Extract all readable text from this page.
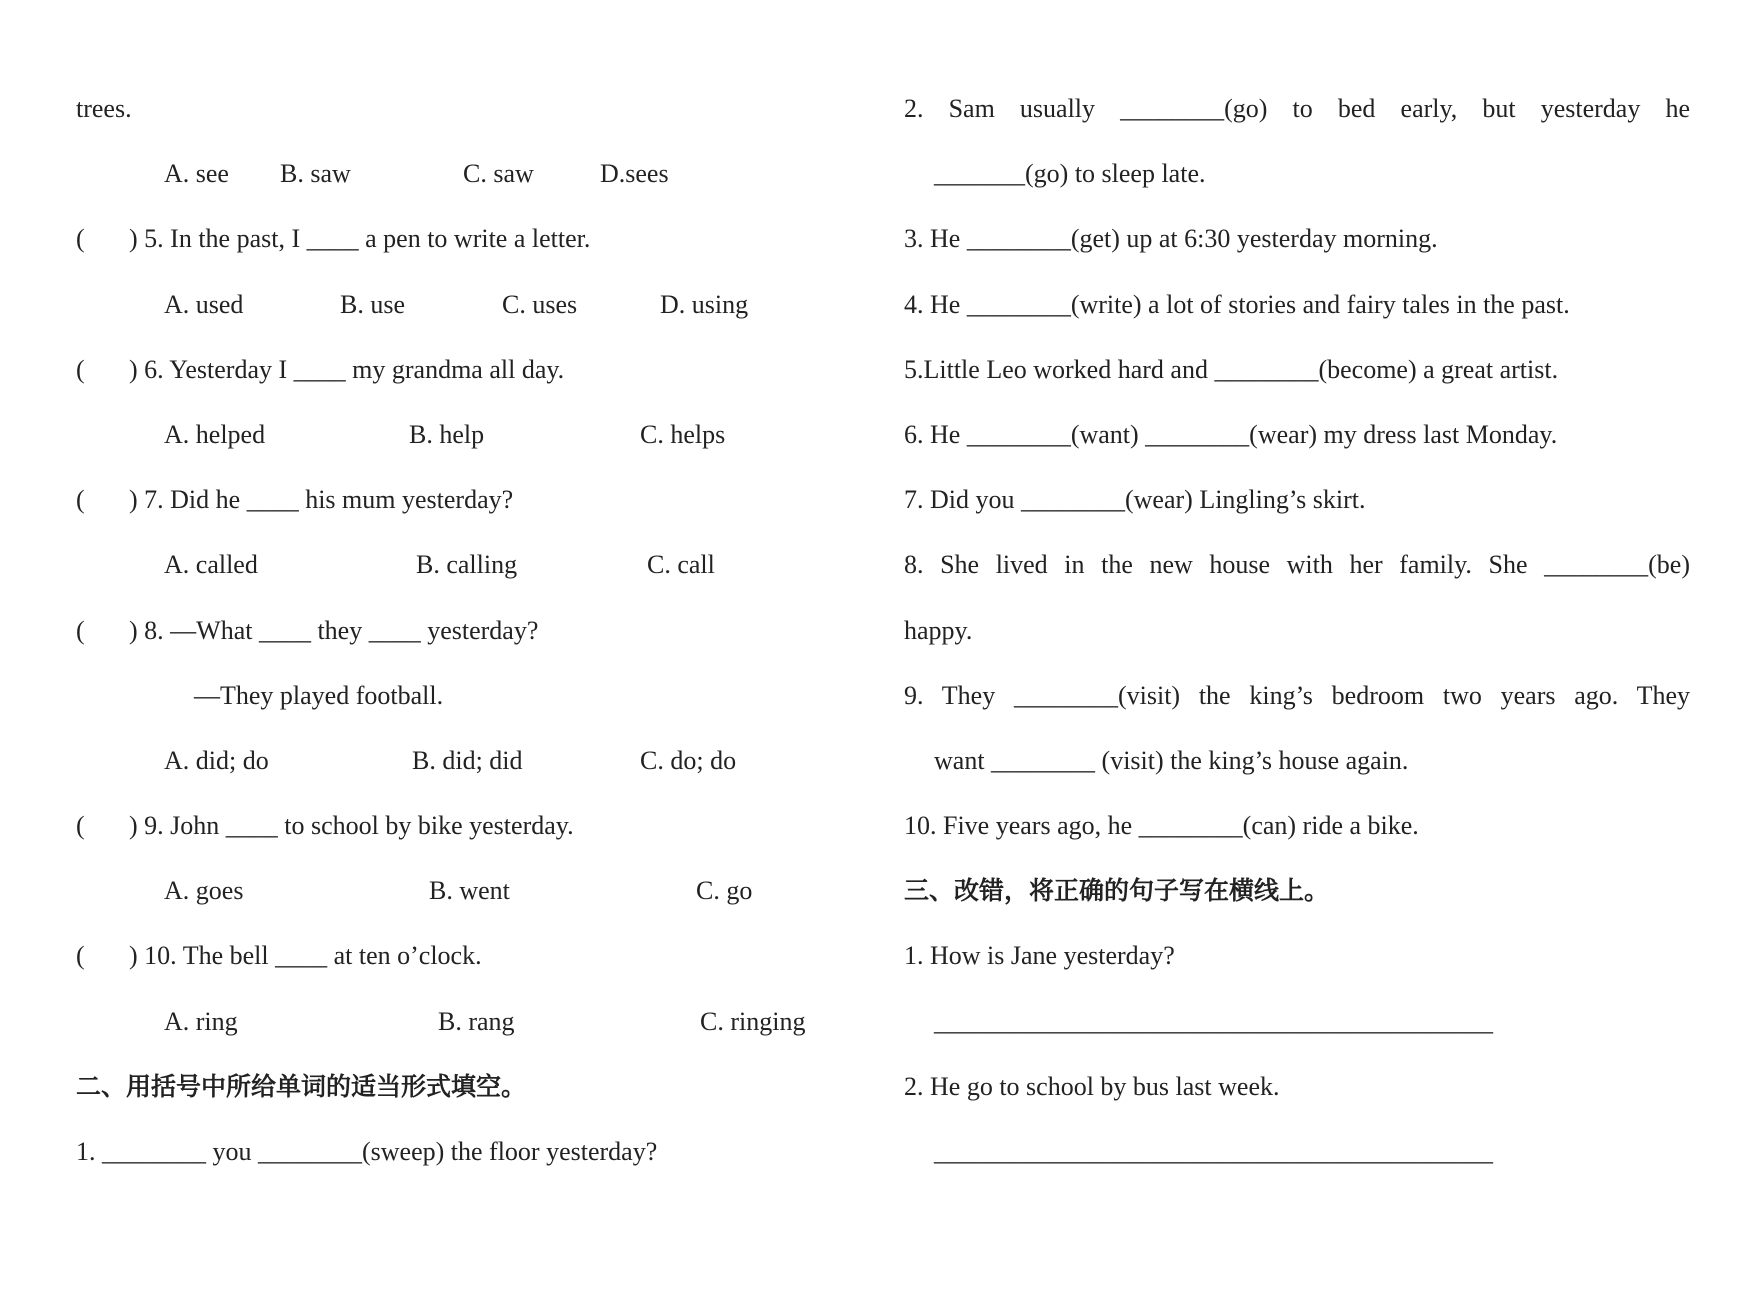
trees.

A. see

B. saw

	C. saw

	D.sees

(

) 5. In the past, I ____ a pen to write a letter.

A. used

	B. use

	C. uses

	D. using

(

) 6. Yesterday I ____ my grandma all day.

A. helped

	B. help

	C. helps

(

) 7. Did he ____ his mum yesterday?

A. called

	B. calling

	C. call

(

) 8. —What ____ they ____ yesterday?

—They played football.

A. did; do

	B. did; did

	C. do; do

(

) 9. John ____ to school by bike yesterday.

A. goes

	B. went

	C. go

(

) 10. The bell ____ at ten o’clock.

A. ring

	B. rang

	C. ringing

二、用括号中所给单词的适当形式填空。
1. ________ you ________(sweep) the floor yesterday?
2. Sam usually ________(go) to bed early, but yesterday he
_______(go) to sleep late.
3. He ________(get) up at 6:30 yesterday morning.
4. He ________(write) a lot of stories and fairy tales in the past.
5.Little Leo worked hard and ________(become) a great artist.
6. He ________(want) ________(wear) my dress last Monday.
7. Did you ________(wear) Lingling’s skirt.
8. She lived in the new house with her family. She ________(be)
happy.
9. They ________(visit) the king’s bedroom two years ago. They
want ________ (visit) the king’s house again.
10. Five years ago, he ________(can) ride a bike.
三、改错，将正确的句子写在横线上。
1. How is Jane yesterday?
___________________________________________
2. He go to school by bus last week.
___________________________________________
